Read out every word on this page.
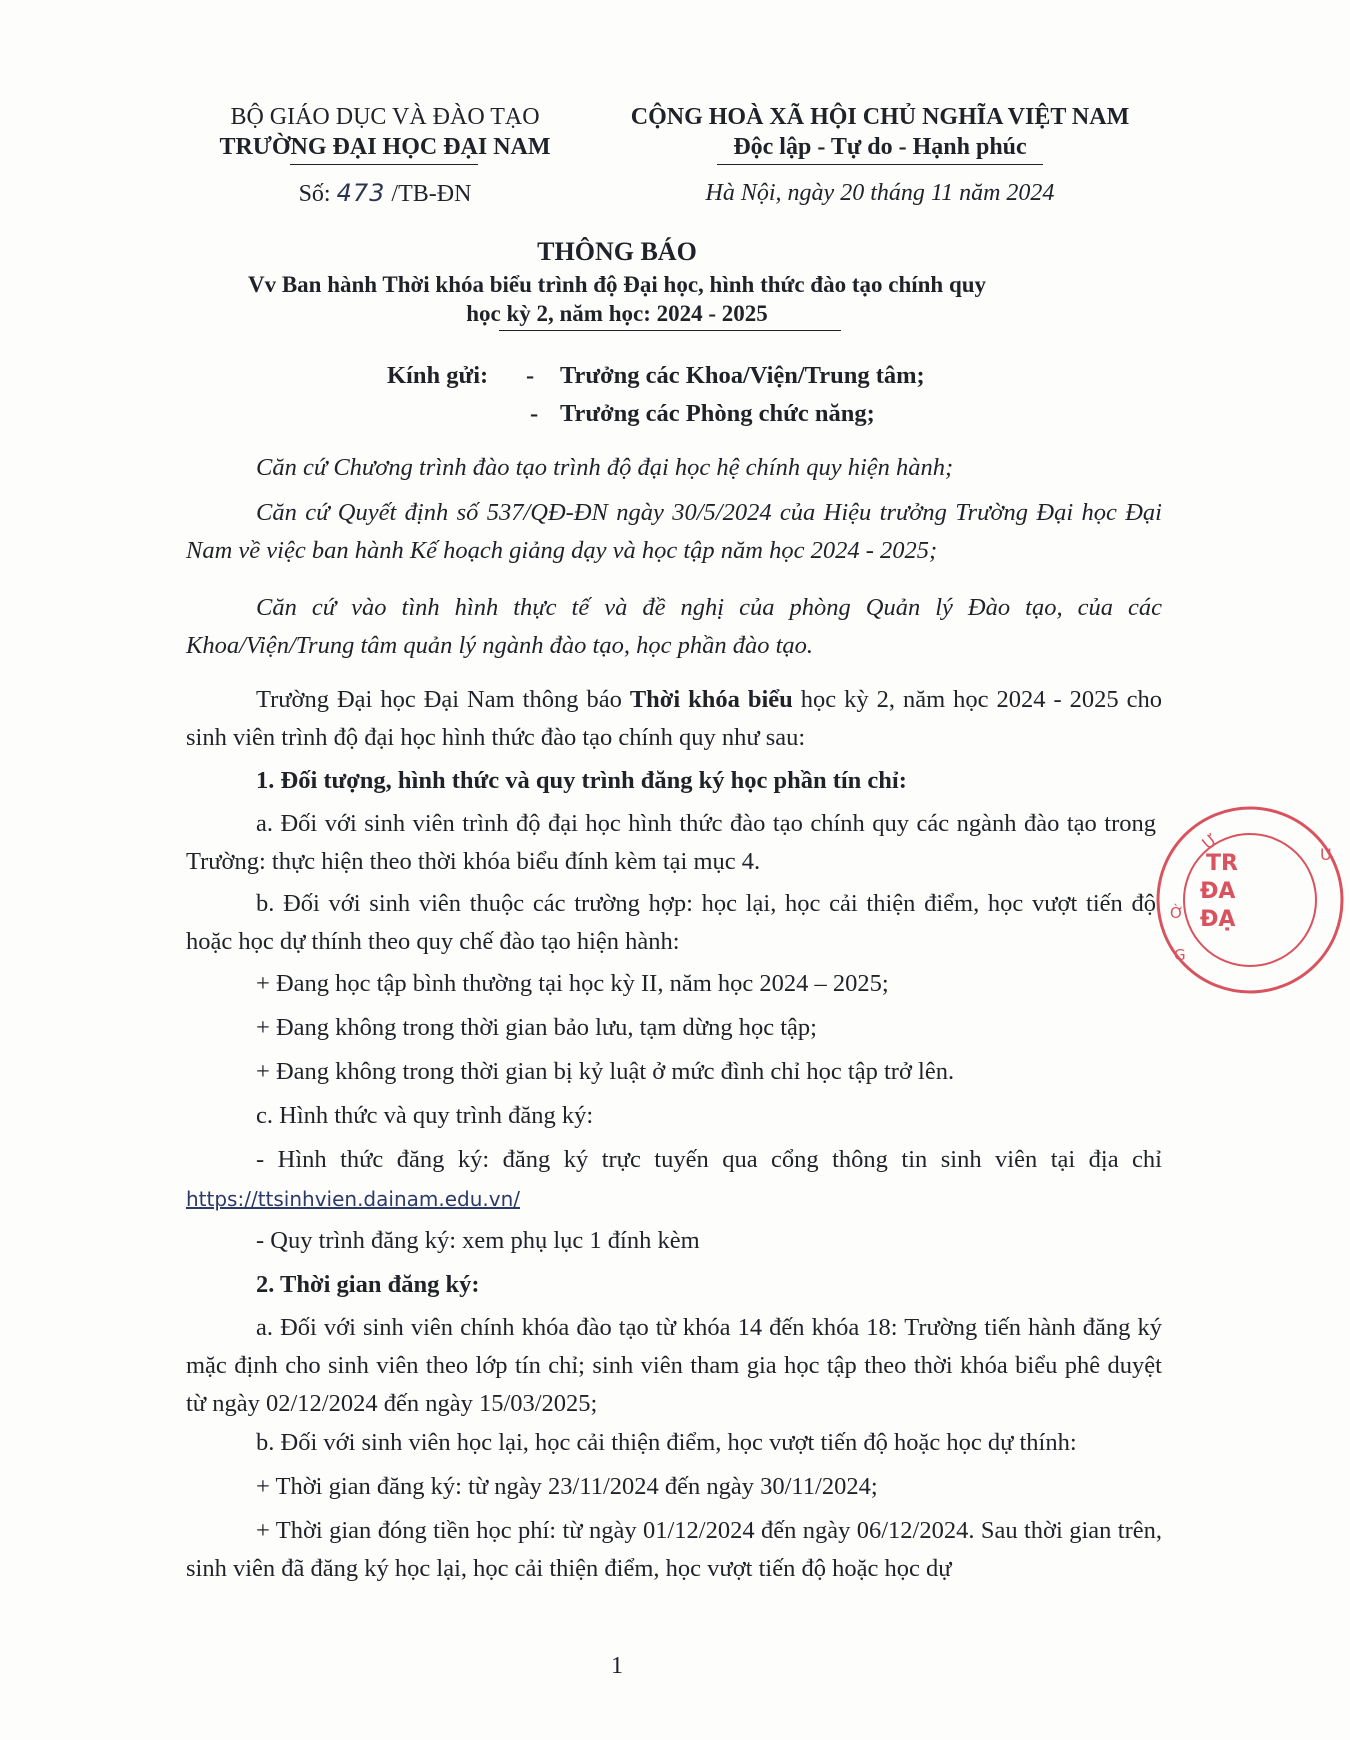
BỘ GIÁO DỤC VÀ ĐÀO TẠO
TRƯỜNG ĐẠI HỌC ĐẠI NAM
Số: 473 /TB-ĐN
CỘNG HOÀ XÃ HỘI CHỦ NGHĨA VIỆT NAM
Độc lập - Tự do - Hạnh phúc
Hà Nội, ngày 20 tháng 11 năm 2024
THÔNG BÁO
Vv Ban hành Thời khóa biểu trình độ Đại học, hình thức đào tạo chính quy
học kỳ 2, năm học: 2024 - 2025
Kính gửi: - Trưởng các Khoa/Viện/Trung tâm;
- Trưởng các Phòng chức năng;
Căn cứ Chương trình đào tạo trình độ đại học hệ chính quy hiện hành;
Căn cứ Quyết định số 537/QĐ-ĐN ngày 30/5/2024 của Hiệu trưởng Trường Đại học Đại Nam về việc ban hành Kế hoạch giảng dạy và học tập năm học 2024 - 2025;
Căn cứ vào tình hình thực tế và đề nghị của phòng Quản lý Đào tạo, của các Khoa/Viện/Trung tâm quản lý ngành đào tạo, học phần đào tạo.
Trường Đại học Đại Nam thông báo Thời khóa biểu học kỳ 2, năm học 2024 - 2025 cho sinh viên trình độ đại học hình thức đào tạo chính quy như sau:
1. Đối tượng, hình thức và quy trình đăng ký học phần tín chỉ:
a. Đối với sinh viên trình độ đại học hình thức đào tạo chính quy các ngành đào tạo trong Trường: thực hiện theo thời khóa biểu đính kèm tại mục 4.
b. Đối với sinh viên thuộc các trường hợp: học lại, học cải thiện điểm, học vượt tiến độ hoặc học dự thính theo quy chế đào tạo hiện hành:
+ Đang học tập bình thường tại học kỳ II, năm học 2024 – 2025;
+ Đang không trong thời gian bảo lưu, tạm dừng học tập;
+ Đang không trong thời gian bị kỷ luật ở mức đình chỉ học tập trở lên.
c. Hình thức và quy trình đăng ký:
- Hình thức đăng ký: đăng ký trực tuyến qua cổng thông tin sinh viên tại địa chỉ
https://ttsinhvien.dainam.edu.vn/
- Quy trình đăng ký: xem phụ lục 1 đính kèm
2. Thời gian đăng ký:
a. Đối với sinh viên chính khóa đào tạo từ khóa 14 đến khóa 18: Trường tiến hành đăng ký mặc định cho sinh viên theo lớp tín chỉ; sinh viên tham gia học tập theo thời khóa biểu phê duyệt từ ngày 02/12/2024 đến ngày 15/03/2025;
b. Đối với sinh viên học lại, học cải thiện điểm, học vượt tiến độ hoặc học dự thính:
+ Thời gian đăng ký: từ ngày 23/11/2024 đến ngày 30/11/2024;
+ Thời gian đóng tiền học phí: từ ngày 01/12/2024 đến ngày 06/12/2024. Sau thời gian trên, sinh viên đã đăng ký học lại, học cải thiện điểm, học vượt tiến độ hoặc học dự
1
Ư
U
Ờ
G
TR
ĐA
ĐẠ
